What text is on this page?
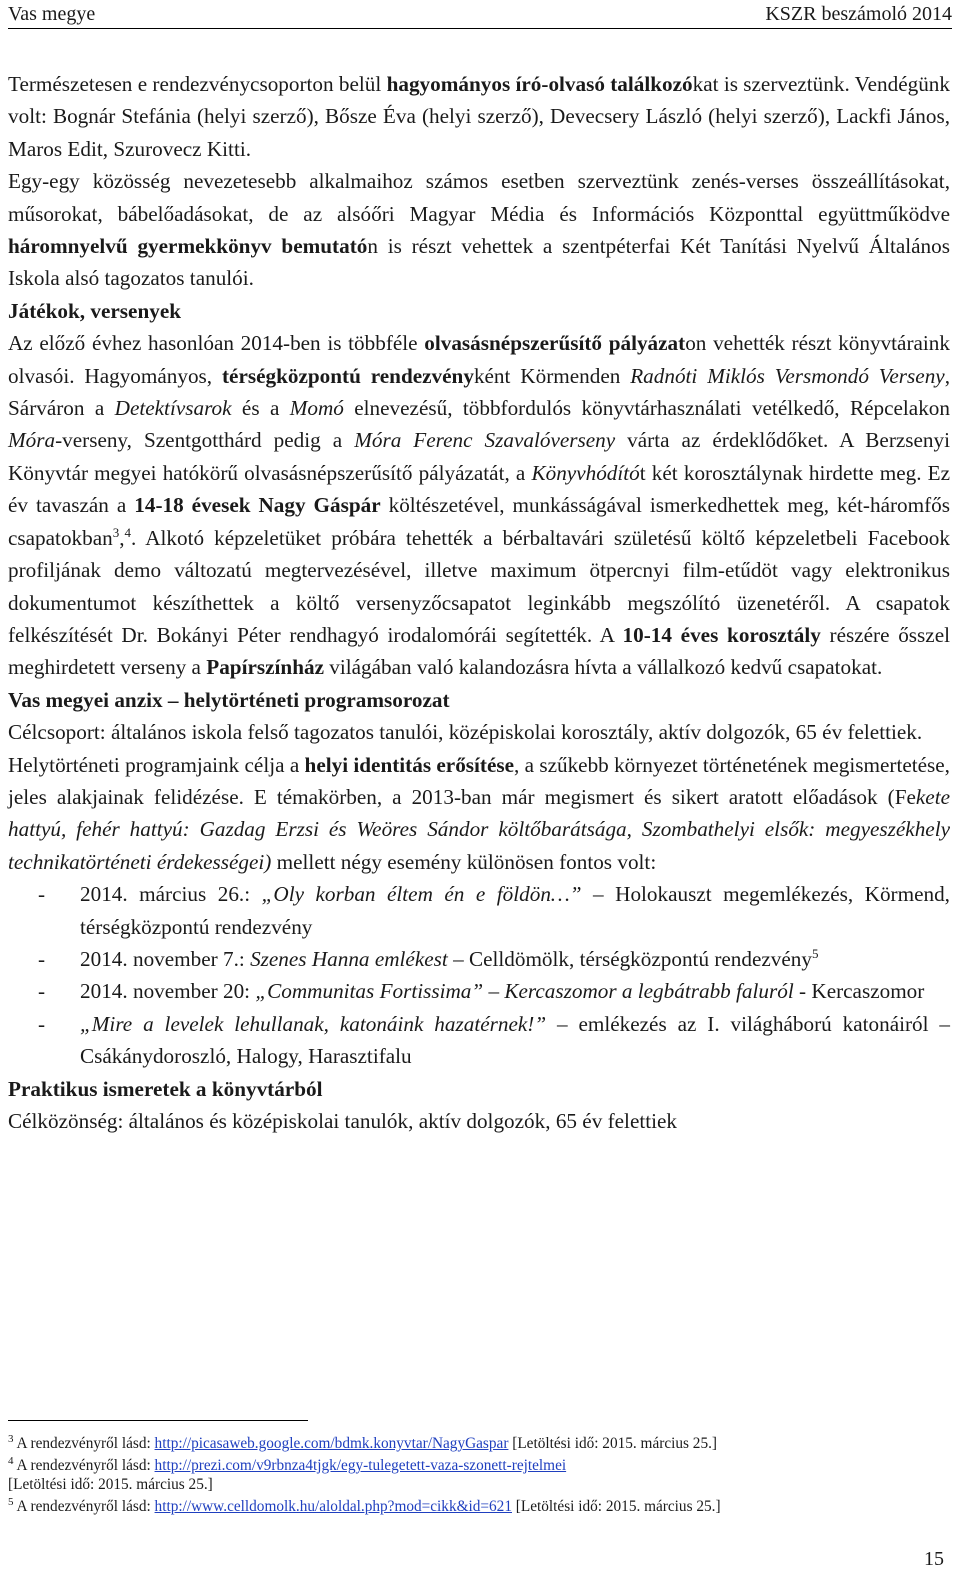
Vas megye	KSZR beszámoló 2014

Természetesen e rendezvénycsoporton belül hagyományos író-olvasó találkozókat is szerveztünk. Vendégünk volt: Bognár Stefánia (helyi szerző), Bősze Éva (helyi szerző), Devecsery László (helyi szerző), Lackfi János, Maros Edit, Szurovecz Kitti.

Egy-egy közösség nevezetesebb alkalmaihoz számos esetben szerveztünk zenés-verses összeállításokat, műsorokat, bábelőadásokat, de az alsóőri Magyar Média és Információs Központtal együttműködve háromnyelvű gyermekkönyv bemutatón is részt vehettek a szentpéterfai Két Tanítási Nyelvű Általános Iskola alsó tagozatos tanulói.

Játékok, versenyek

Az előző évhez hasonlóan 2014-ben is többféle olvasásnépszerűsítő pályázaton vehették részt könyvtáraink olvasói. Hagyományos, térségközpontú rendezvényként Körmenden Radnóti Miklós Versmondó Verseny, Sárváron a Detektívsarok és a Momó elnevezésű, többfordulós könyvtárhasználati vetélkedő, Répcelakon Móra-verseny, Szentgotthárd pedig a Móra Ferenc Szavalóverseny várta az érdeklődőket. A Berzsenyi Könyvtár megyei hatókörű olvasásnépszerűsítő pályázatát, a Könyvhódítót két korosztálynak hirdette meg. Ez év tavaszán a 14-18 évesek Nagy Gáspár költészetével, munkásságával ismerkedhettek meg, két-háromfős csapatokban$^3$,$^4$. Alkotó képzeletüket próbára tehették a bérbaltavári születésű költő képzeletbeli Facebook profiljának demo változatú megtervezésével, illetve maximum ötpercnyi film-etűdöt vagy elektronikus dokumentumot készíthettek a költő versenyzőcsapatot leginkább megszólító üzenetéről. A csapatok felkészítését Dr. Bokányi Péter rendhagyó irodalomórái segítették. A 10-14 éves korosztály részére ősszel meghirdetett verseny a Papírszínház világában való kalandozásra hívta a vállalkozó kedvű csapatokat.

Vas megyei anzix – helytörténeti programsorozat

Célcsoport: általános iskola felső tagozatos tanulói, középiskolai korosztály, aktív dolgozók, 65 év felettiek.

Helytörténeti programjaink célja a helyi identitás erősítése, a szűkebb környezet történetének megismertetése, jeles alakjainak felidézése. E témakörben, a 2013-ban már megismert és sikert aratott előadások (Fekete hattyú, fehér hattyú: Gazdag Erzsi és Weöres Sándor költőbarátsága, Szombathelyi elsők: megyeszékhely technikatörténeti érdekességei) mellett négy esemény különösen fontos volt:

- 2014. március 26.: „Oly korban éltem én e földön…” – Holokauszt megemlékezés, Körmend, térségközpontú rendezvény

- 2014. november 7.: Szenes Hanna emlékest – Celldömölk, térségközpontú rendezvény$^5$

- 2014. november 20: „Communitas Fortissima” – Kercaszomor a legbátrabb faluról - Kercaszomor

- „Mire a levelek lehullanak, katonáink hazatérnek!” – emlékezés az I. világháború katonáiról – Csákánydoroszló, Halogy, Harasztifalu

Praktikus ismeretek a könyvtárból

Célközönség: általános és középiskolai tanulók, aktív dolgozók, 65 év felettiek

$^3$ A rendezvényről lásd: http://picasaweb.google.com/bdmk.konyvtar/NagyGaspar [Letöltési idő: 2015. március 25.]

$^4$ A rendezvényről lásd: http://prezi.com/v9rbnza4tjgk/egy-tulegetett-vaza-szonett-rejtelmei
[Letöltési idő: 2015. március 25.]

$^5$ A rendezvényről lásd: http://www.celldomolk.hu/aloldal.php?mod=cikk&id=621 [Letöltési idő: 2015. március 25.]

15
